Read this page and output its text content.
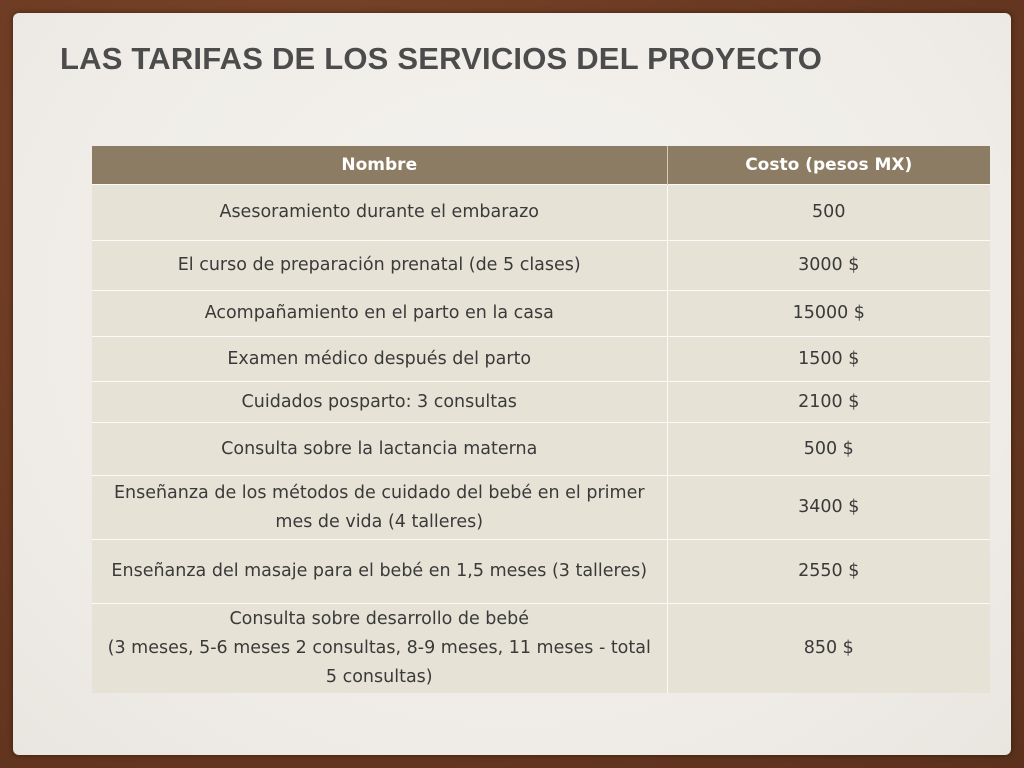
LAS TARIFAS DE LOS SERVICIOS DEL PROYECTO
Nombre	Costo (pesos MX)
Asesoramiento durante el embarazo	500
El curso de preparación prenatal (de 5 clases)	3000 $
Acompañamiento en el parto en la casa	15000 $
Examen médico después del parto	1500 $
Cuidados posparto: 3 consultas	2100 $
Consulta sobre la lactancia materna	500 $
Enseñanza de los métodos de cuidado del bebé en el primer mes de vida (4 talleres)	3400 $
Enseñanza del masaje para el bebé en 1,5 meses (3 talleres)	2550 $
Consulta sobre desarrollo de bebé
(3 meses, 5-6 meses 2 consultas, 8-9 meses, 11 meses - total 5 consultas)	850 $
